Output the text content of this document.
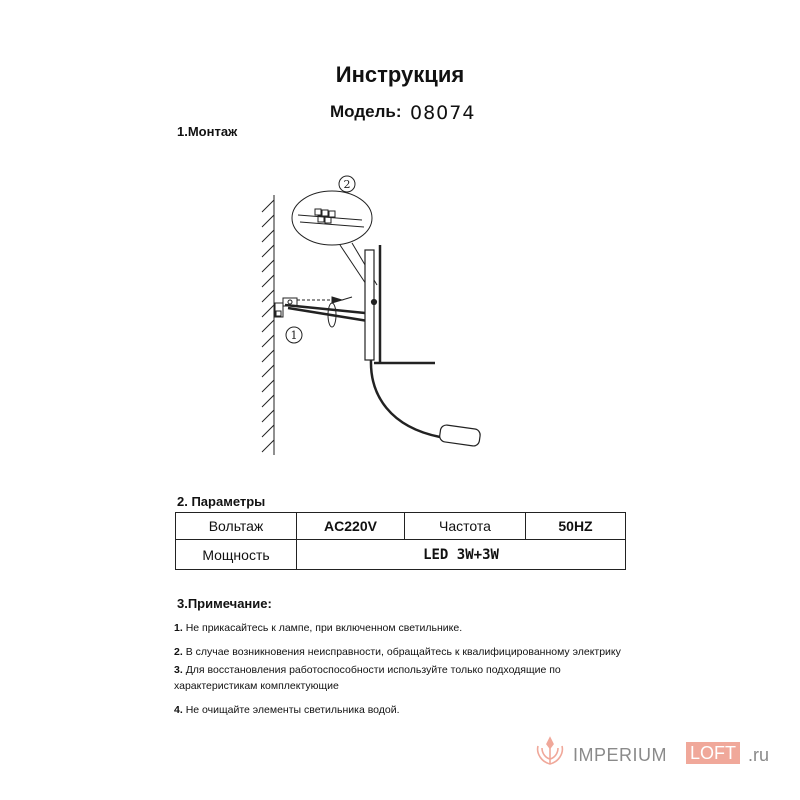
Инструкция
Модель: 08074
1.Монтаж
2
1
2. Параметры
Вольтаж	AC220V	Частота	50HZ
Мощность	LED 3W+3W		
3.Примечание:

1. Не прикасайтесь к лампе, при включенном светильнике.

2. В случае возникновения неисправности, обращайтесь к квалифицированному электрику

3. Для восстановления работоспособности используйте только подходящие по характеристикам комплектующие

4. Не очищайте элементы светильника водой.

IMPERIUM LOFT .ru
